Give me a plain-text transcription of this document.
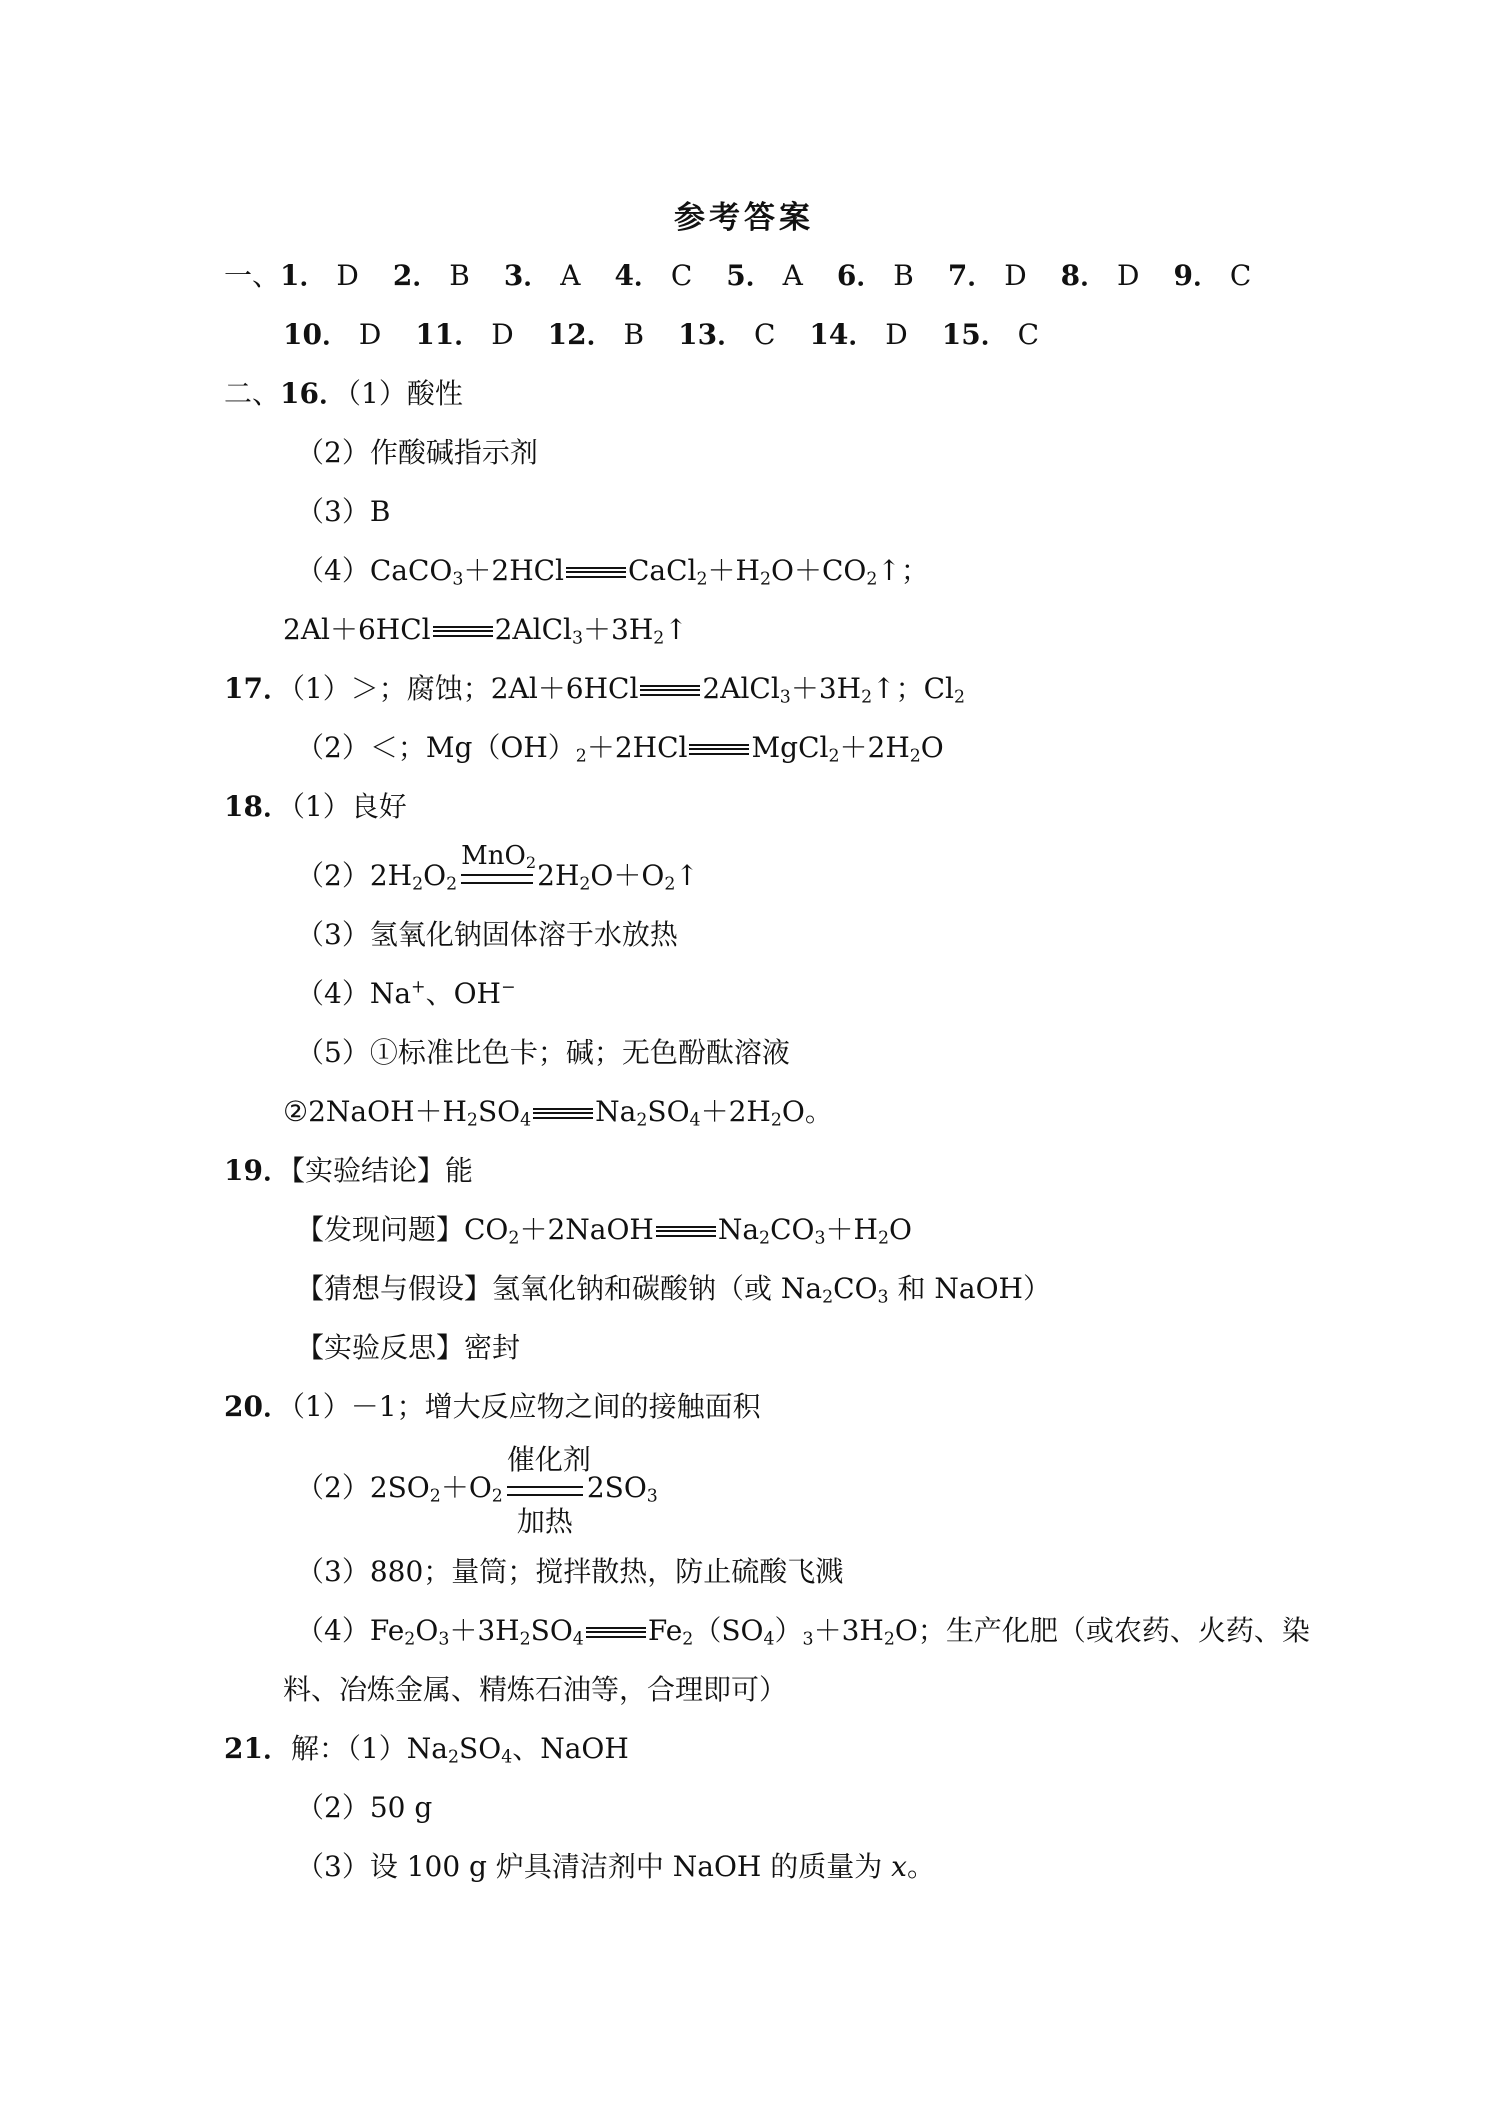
参考答案
一、1． D 2． B 3． A 4． C 5． A 6． B 7． D 8． D 9． C
10． D 11． D 12． B 13． C 14． D 15． C
二、16．（1）酸性
（2）作酸碱指示剂
（3）B
（4）CaCO$_3$＋2HCl $CaCl_2+H_2O+CO_2↑$；
2Al＋6HCl $2AlCl_3+3H_2↑$
17．（1）＞；腐蚀；2Al＋6HCl $2AlCl_3+3H_2↑$；$Cl_2$
（2）＜；$Mg(OH)_2+2HCl$ $MgCl_2+2H_2O$
18．（1）良好
$(2)2H_2O_2$
MnO$_2$ $2H_2O+O_2↑$
（3）氢氧化钠固体溶于水放热
（4）Na+、OH−
（5）①标准比色卡；碱；无色酚酞溶液
$②2NaOH+H_2SO_4$ $Na_2SO_4+2H_2O$。
19．【实验结论】能
【发现问题】$CO_2+2NaOH$ $Na_2CO_3+H_2O$
【猜想与假设】氢氧化钠和碳酸钠（或 $Na_2CO_3$ 和 NaOH）
【实验反思】密封
20．（1）－1；增大反应物之间的接触面积
$(2)2SO_2+O_2$
催化剂
加热
$2SO_3$
（3）880；量筒；搅拌散热，防止硫酸飞溅
$(4)Fe_2O_3+3H_2SO_4$ $Fe_2(SO_4)_3+3H_2O$；生产化肥（或农药、火药、染
料、冶炼金属、精炼石油等，合理即可）
21．解：$(1)Na_2SO_4$、NaOH
（2）50 g
（3）设 100 g 炉具清洁剂中 NaOH 的质量为 x。
